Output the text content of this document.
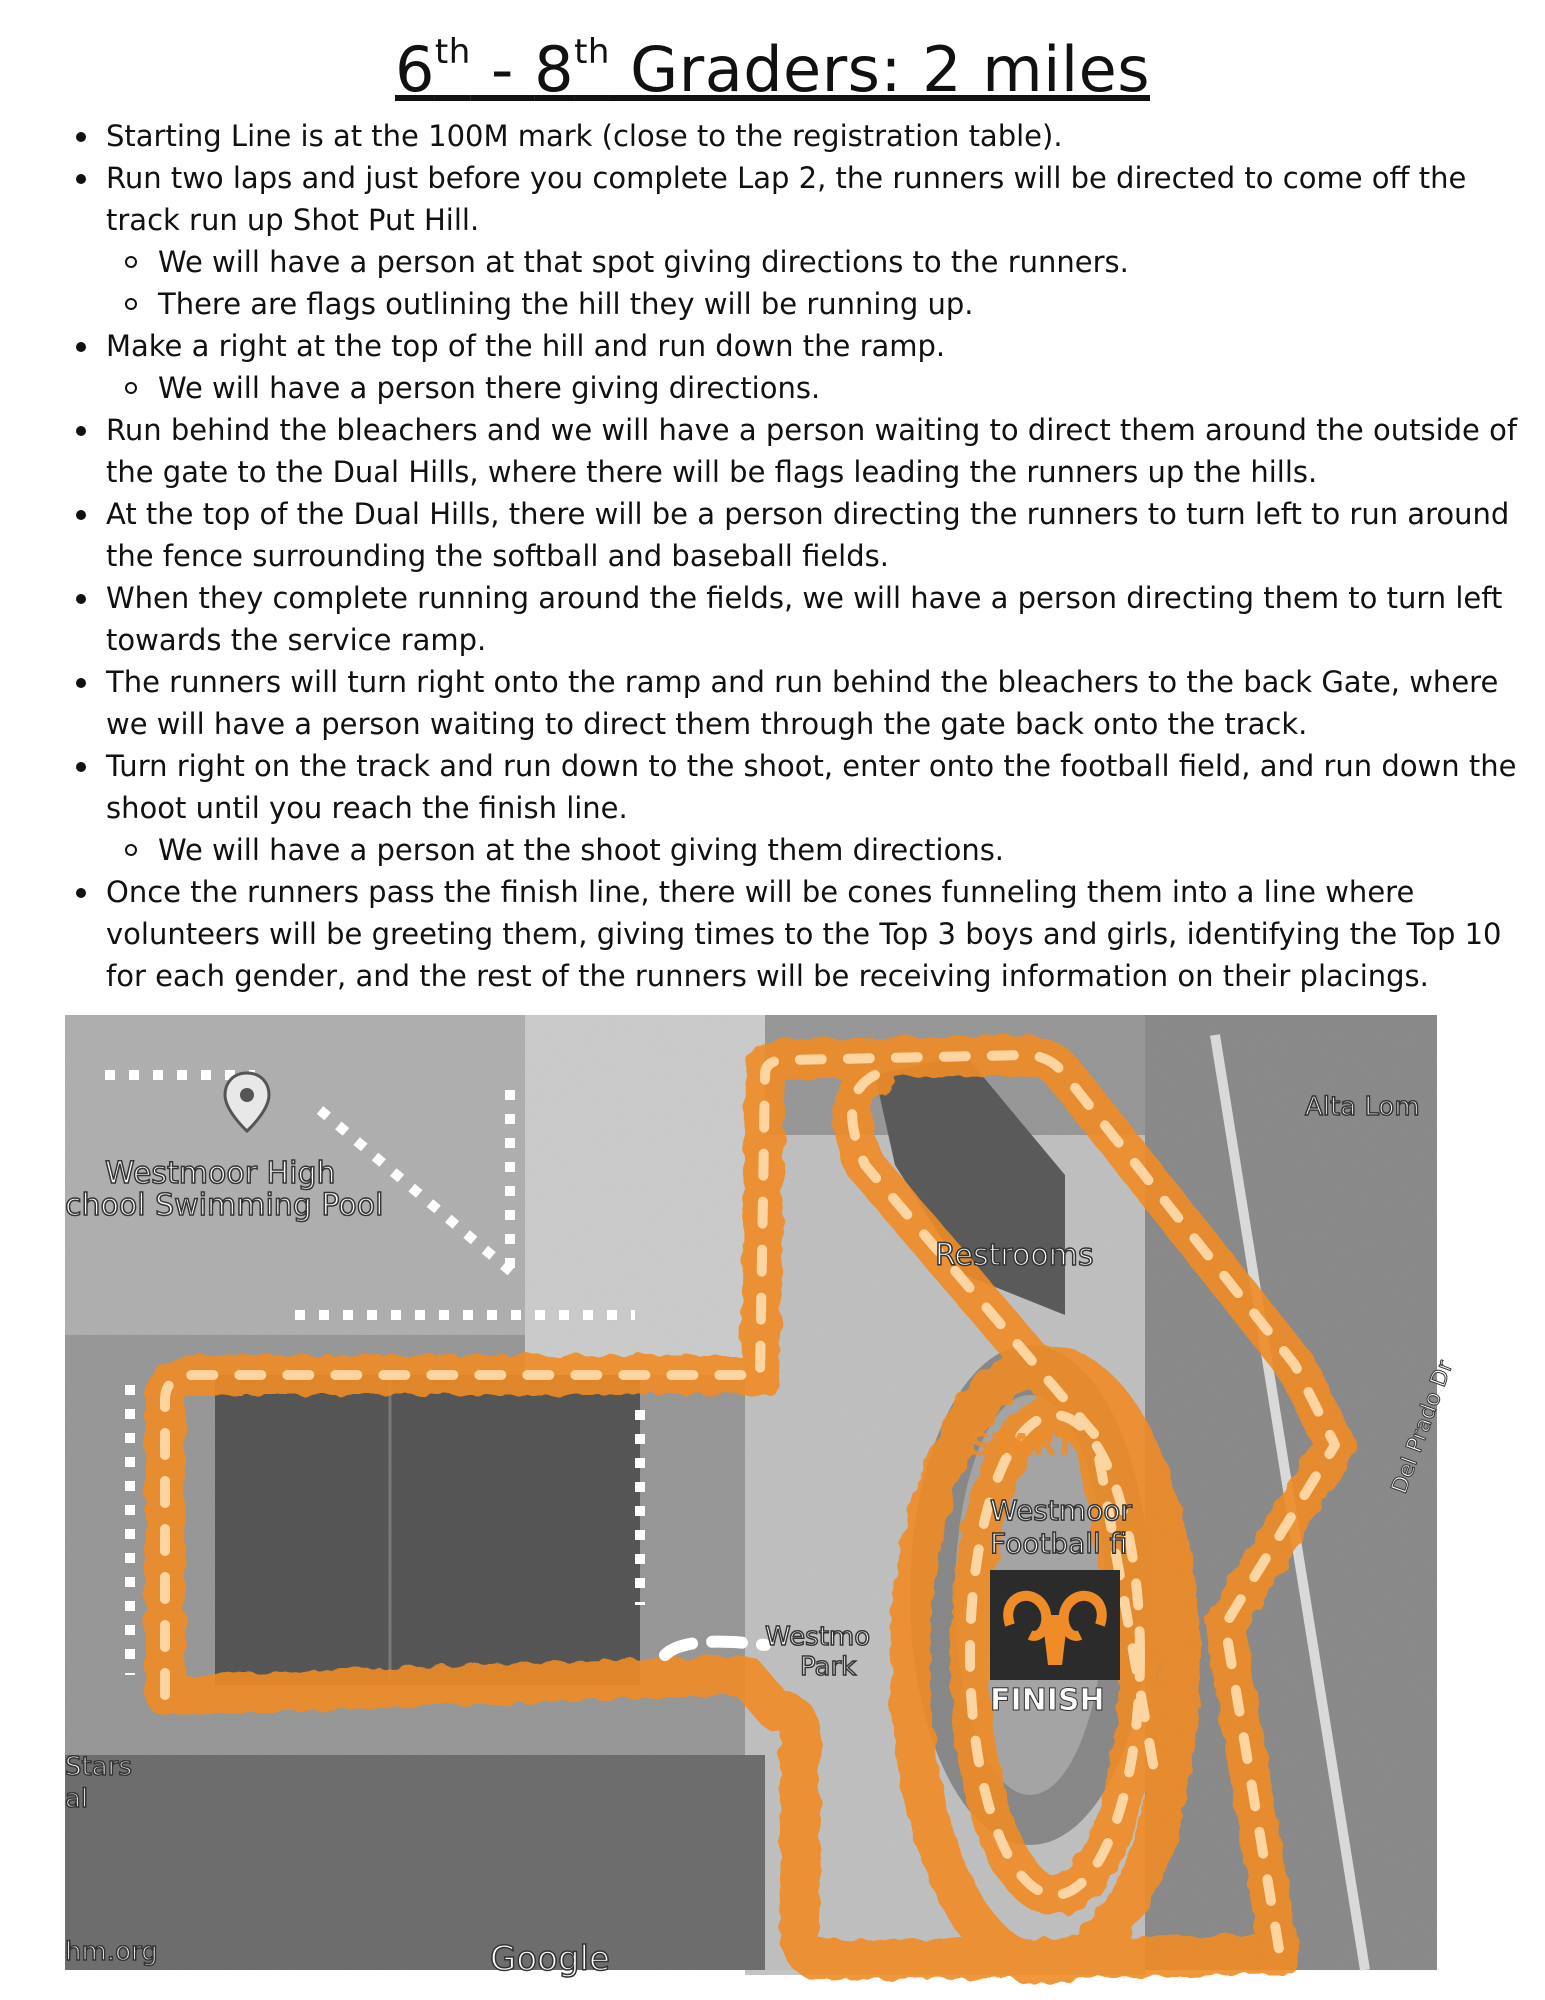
6th - 8th Graders: 2 miles
Starting Line is at the 100M mark (close to the registration table).
Run two laps and just before you complete Lap 2, the runners will be directed to come off the track run up Shot Put Hill.
We will have a person at that spot giving directions to the runners.
There are flags outlining the hill they will be running up.
Make a right at the top of the hill and run down the ramp.
We will have a person there giving directions.
Run behind the bleachers and we will have a person waiting to direct them around the outside of the gate to the Dual Hills, where there will be flags leading the runners up the hills.
At the top of the Dual Hills, there will be a person directing the runners to turn left to run around the fence surrounding the softball and baseball fields.
When they complete running around the fields, we will have a person directing them to turn left towards the service ramp.
The runners will turn right onto the ramp and run behind the bleachers to the back Gate, where we will have a person waiting to direct them through the gate back onto the track.
Turn right on the track and run down to the shoot, enter onto the football field, and run down the shoot until you reach the finish line.
We will have a person at the shoot giving them directions.
Once the runners pass the finish line, there will be cones funneling them into a line where volunteers will be greeting them, giving times to the Top 3 boys and girls, identifying the Top 10 for each gender, and the rest of the runners will be receiving information on their placings.
Westmoor High
chool Swimming Pool
Restrooms
Alta Lom
Del Prado Dr
START
Westmoor
Football fi
FINISH
Westmo
Park
Stars
al
hm.org	Google
